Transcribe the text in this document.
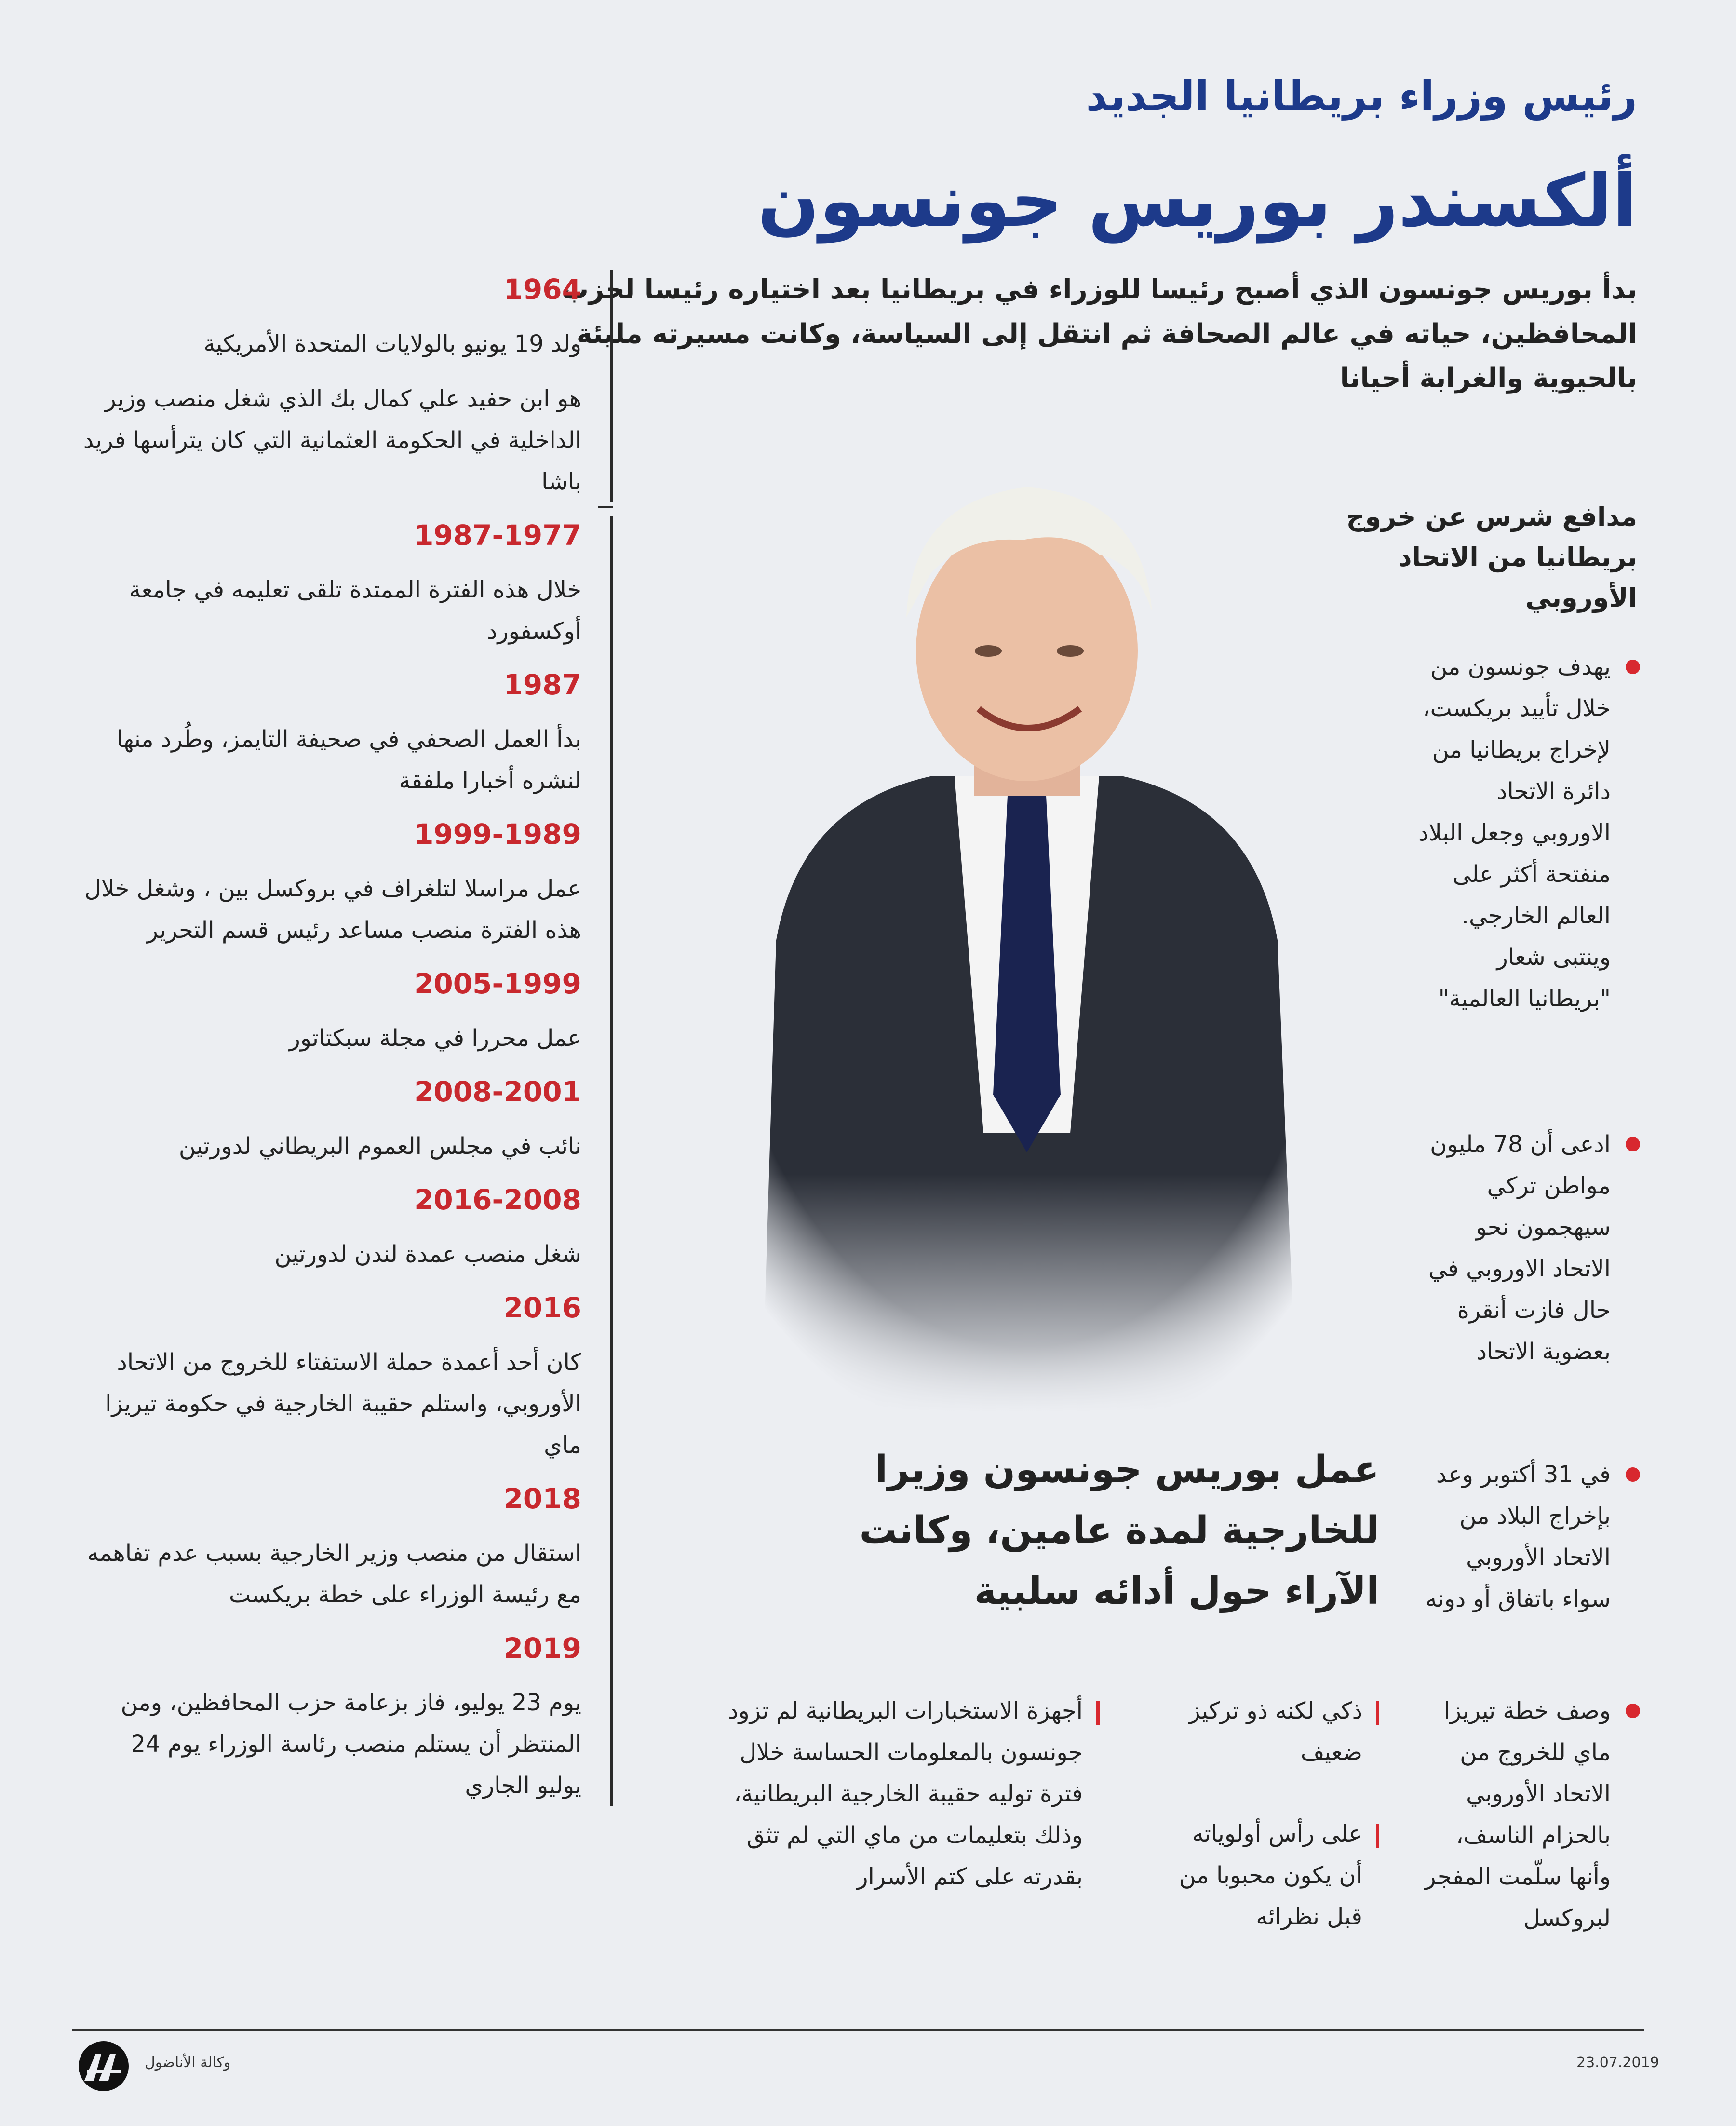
رئيس وزراء بريطانيا الجديد
ألكسندر بوريس جونسون
بدأ بوريس جونسون الذي أصبح رئيسا للوزراء في بريطانيا بعد اختياره رئيسا لحزب المحافظين، حياته في عالم الصحافة ثم انتقل إلى السياسة، وكانت مسيرته مليئة بالحيوية والغرابة أحيانا
1964

ولد 19 يونيو بالولايات المتحدة الأمريكية

هو ابن حفيد علي كمال بك الذي شغل منصب وزير الداخلية في الحكومة العثمانية التي كان يترأسها فريد باشا

1987-1977

خلال هذه الفترة الممتدة تلقى تعليمه في جامعة أوكسفورد

1987

بدأ العمل الصحفي في صحيفة التايمز، وطُرد منها لنشره أخبارا ملفقة

1999-1989

عمل مراسلا لتلغراف في بروكسل بين ، وشغل خلال هذه الفترة منصب مساعد رئيس قسم التحرير

2005-1999

عمل محررا في مجلة سبكتاتور

2008-2001

نائب في مجلس العموم البريطاني لدورتين

2016-2008

شغل منصب عمدة لندن لدورتين

2016

كان أحد أعمدة حملة الاستفتاء للخروج من الاتحاد الأوروبي، واستلم حقيبة الخارجية في حكومة تيريزا ماي

2018

استقال من منصب وزير الخارجية بسبب عدم تفاهمه مع رئيسة الوزراء على خطة بريكست

2019

يوم 23 يوليو، فاز بزعامة حزب المحافظين، ومن المنتظر أن يستلم منصب رئاسة الوزراء يوم 24 يوليو الجاري

مدافع شرس عن خروج بريطانيا من الاتحاد الأوروبي
يهدف جونسون من خلال تأييد بريكست، لإخراج بريطانيا من دائرة الاتحاد الاوروبي وجعل البلاد منفتحة أكثر على العالم الخارجي. وينتبى شعار "بريطانيا العالمية"
ادعى أن 78 مليون مواطن تركي سيهجمون نحو الاتحاد الاوروبي في حال فازت أنقرة بعضوية الاتحاد
في 31 أكتوبر وعد بإخراج البلاد من الاتحاد الأوروبي سواء باتفاق أو دونه
وصف خطة تيريزا ماي للخروج من الاتحاد الأوروبي بالحزام الناسف، وأنها سلّمت المفجر لبروكسل
عمل بوريس جونسون وزيرا للخارجية لمدة عامين، وكانت الآراء حول أدائه سلبية
ذكي لكنه ذو تركيز ضعيف
على رأس أولوياته أن يكون محبوبا من قبل نظرائه
أجهزة الاستخبارات البريطانية لم تزود جونسون بالمعلومات الحساسة خلال فترة توليه حقيبة الخارجية البريطانية، وذلك بتعليمات من ماي التي لم تثق بقدرته على كتم الأسرار
وكالة الأناضول	23.07.2019
